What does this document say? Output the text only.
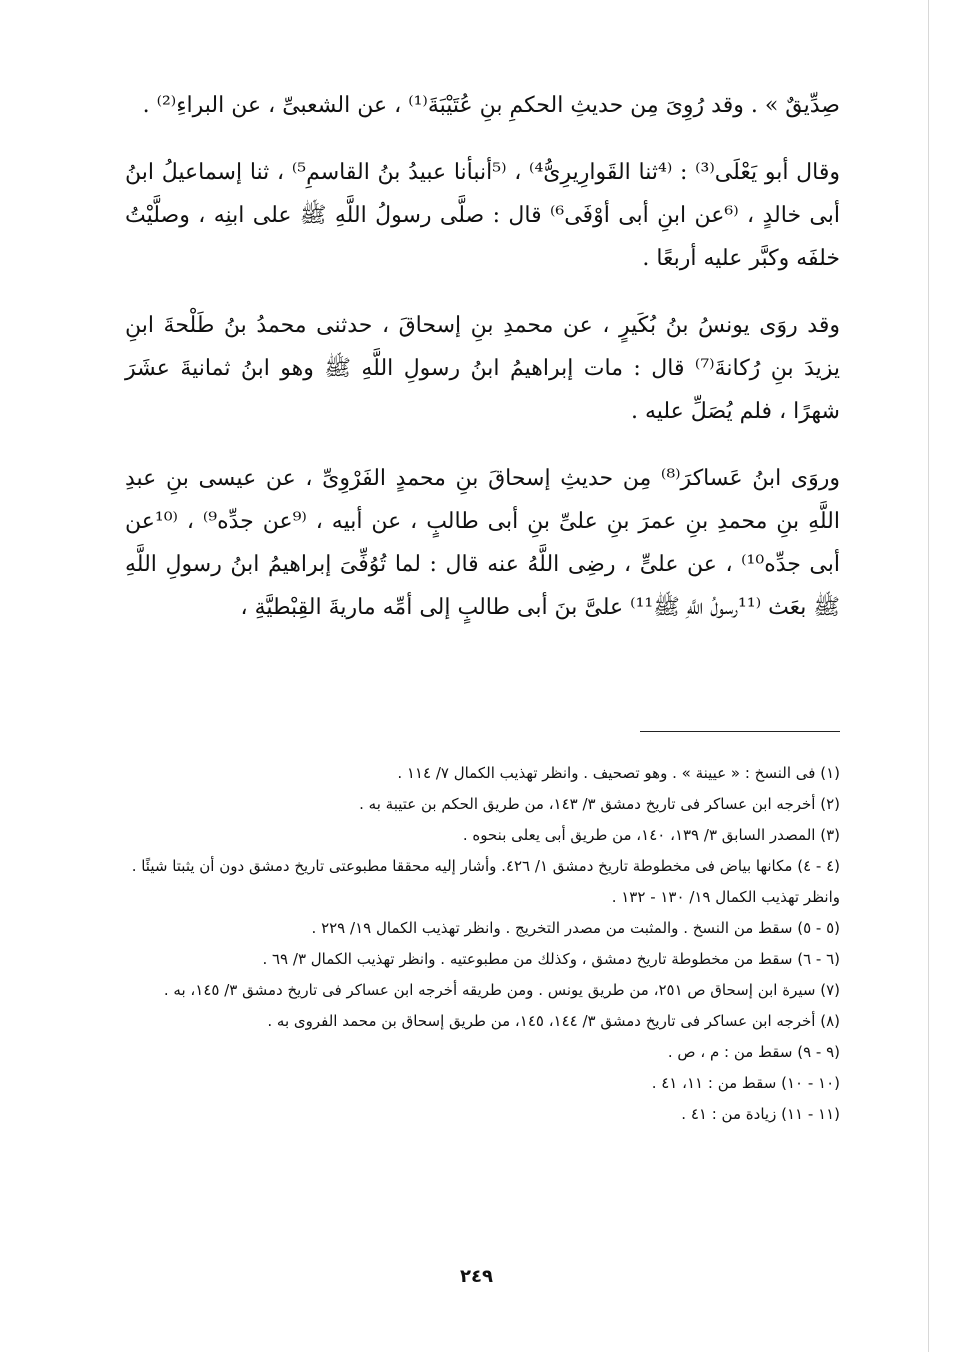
صِدِّيقٌ » . وقد رُوِىَ مِن حديثِ الحكمِ بنِ عُتَيْبَةَ⁽¹⁾ ، عن الشعبىِّ ، عن البراءِ⁽²⁾ .

وقال أبو يَعْلَى⁽³⁾ : ⁽⁴ثنا القَوارِيرِىُّ⁴⁾ ، ⁽⁵أنبأنا عبيدُ بنُ القاسمِ⁵⁾ ، ثنا إسماعيلُ ابنُ أبى خالدٍ ، ⁽⁶عن ابنِ أبى أوْفَى⁶⁾ قال : صلَّى رسولُ اللَّهِ ﷺ على ابنِه ، وصلَّيْتُ خلفَه وكبَّر عليه أربعًا .

وقد روَى يونسُ بنُ بُكَيرٍ ، عن محمدِ بنِ إسحاقَ ، حدثنى محمدُ بنُ طَلْحةَ ابنِ يزيدَ بنِ رُكانةَ⁽⁷⁾ قال : مات إبراهيمُ ابنُ رسولِ اللَّهِ ﷺ وهو ابنُ ثمانيةَ عشَرَ شهرًا ، فلم يُصَلِّ عليه .

وروَى ابنُ عَساكرَ⁽⁸⁾ مِن حديثِ إسحاقَ بنِ محمدٍ الفَرْوِىِّ ، عن عيسى بنِ عبدِ اللَّهِ بنِ محمدِ بنِ عمرَ بنِ علىِّ بنِ أبى طالبٍ ، عن أبيه ، ⁽⁹عن جدِّه⁹⁾ ، ⁽¹⁰عن أبى جدِّه¹⁰⁾ ، عن علىٍّ ، رضِى اللَّهُ عنه قال : لما تُوُفِّىَ إبراهيمُ ابنُ رسولِ اللَّهِ ﷺ بعَث ⁽¹¹رسولُ اللَّهِ ﷺ¹¹⁾ علىَّ بنَ أبى طالبٍ إلى أمِّه ماريةَ القِبْطيَّةِ ،

(١) فى النسخ : « عيينة » . وهو تصحيف . وانظر تهذيب الكمال ٧/ ١١٤ .
(٢) أخرجه ابن عساكر فى تاريخ دمشق ٣/ ١٤٣، من طريق الحكم بن عتيبة به .
(٣) المصدر السابق ٣/ ١٣٩، ١٤٠، من طريق أبى يعلى بنحوه .
(٤ - ٤) مكانها بياض فى مخطوطة تاريخ دمشق ١/ ٤٢٦. وأشار إليه محققا مطبوعتى تاريخ دمشق دون أن يثبتا شيئًا . وانظر تهذيب الكمال ١٩/ ١٣٠ - ١٣٢ .
(٥ - ٥) سقط من النسخ . والمثبت من مصدر التخريج . وانظر تهذيب الكمال ١٩/ ٢٢٩ .
(٦ - ٦) سقط من مخطوطة تاريخ دمشق ، وكذلك من مطبوعتيه . وانظر تهذيب الكمال ٣/ ٦٩ .
(٧) سيرة ابن إسحاق ص ٢٥١، من طريق يونس . ومن طريقه أخرجه ابن عساكر فى تاريخ دمشق ٣/ ١٤٥، به .
(٨) أخرجه ابن عساكر فى تاريخ دمشق ٣/ ١٤٤، ١٤٥، من طريق إسحاق بن محمد الفروى به .
(٩ - ٩) سقط من : م ، ص .
(١٠ - ١٠) سقط من : ١١، ٤١ .
(١١ - ١١) زيادة من : ٤١ .
٢٤٩
